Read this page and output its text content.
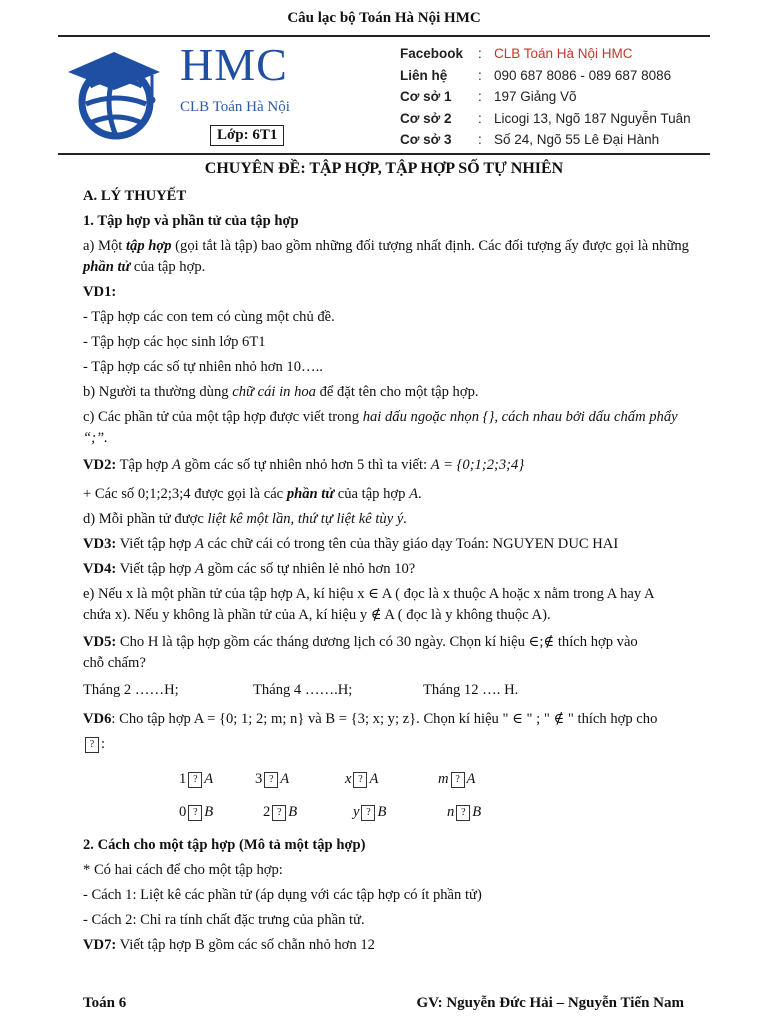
Câu lạc bộ Toán Hà Nội HMC
HMC
CLB Toán Hà Nội
Lớp: 6T1
Facebook	: CLB Toán Hà Nội HMC
Liên hệ	: 090 687 8086 - 089 687 8086
Cơ sở 1	: 197 Giảng Võ
Cơ sở 2	: Licogi 13, Ngõ 187 Nguyễn Tuân
Cơ sở 3	: Số 24, Ngõ 55 Lê Đại Hành
CHUYÊN ĐỀ: TẬP HỢP, TẬP HỢP SỐ TỰ NHIÊN

A. LÝ THUYẾT

1. Tập hợp và phần tử của tập hợp

a) Một tập hợp (gọi tắt là tập) bao gồm những đối tượng nhất định. Các đối tượng ấy được gọi là những phần tử của tập hợp.

VD1:

- Tập hợp các con tem có cùng một chủ đề.

- Tập hợp các học sinh lớp 6T1

- Tập hợp các số tự nhiên nhỏ hơn 10…..

b) Người ta thường dùng chữ cái in hoa để đặt tên cho một tập hợp.

c) Các phần tử của một tập hợp được viết trong hai dấu ngoặc nhọn {}, cách nhau bởi dấu chấm phẩy “;”.

VD2: Tập hợp A gồm các số tự nhiên nhỏ hơn 5 thì ta viết: A = {0;1;2;3;4}

+ Các số 0;1;2;3;4 được gọi là các phần tử của tập hợp A.

d) Mỗi phần tử được liệt kê một lần, thứ tự liệt kê tùy ý.

VD3: Viết tập hợp A các chữ cái có trong tên của thầy giáo dạy Toán: NGUYEN DUC HAI

VD4: Viết tập hợp A gồm các số tự nhiên lẻ nhỏ hơn 10?

e) Nếu x là một phần tử của tập hợp A, kí hiệu x ∈ A ( đọc là x thuộc A hoặc x nằm trong A hay A

chứa x). Nếu y không là phần tử của A, kí hiệu y ∉ A ( đọc là y không thuộc A).

VD5: Cho H là tập hợp gồm các tháng dương lịch có 30 ngày. Chọn kí hiệu ∈;∉ thích hợp vào

chỗ chấm?

Tháng 2 ……H;	Tháng 4 …….H;	Tháng 12 …. H.

VD6: Cho tập hợp A = {0; 1; 2; m; n} và B = {3; x; y; z}. Chọn kí hiệu " ∈ " ; " ∉ " thích hợp cho

? :

1 ? A	3 ? A	x ? A	m ? A
0 ? B	2 ? B	y ? B	n ? B

2. Cách cho một tập hợp (Mô tả một tập hợp)

* Có hai cách để cho một tập hợp:

- Cách 1: Liệt kê các phần tử (áp dụng với các tập hợp có ít phần tử)

- Cách 2: Chỉ ra tính chất đặc trưng của phần tử.

VD7: Viết tập hợp B gồm các số chẵn nhỏ hơn 12

Toán 6	GV: Nguyễn Đức Hải – Nguyễn Tiến Nam
